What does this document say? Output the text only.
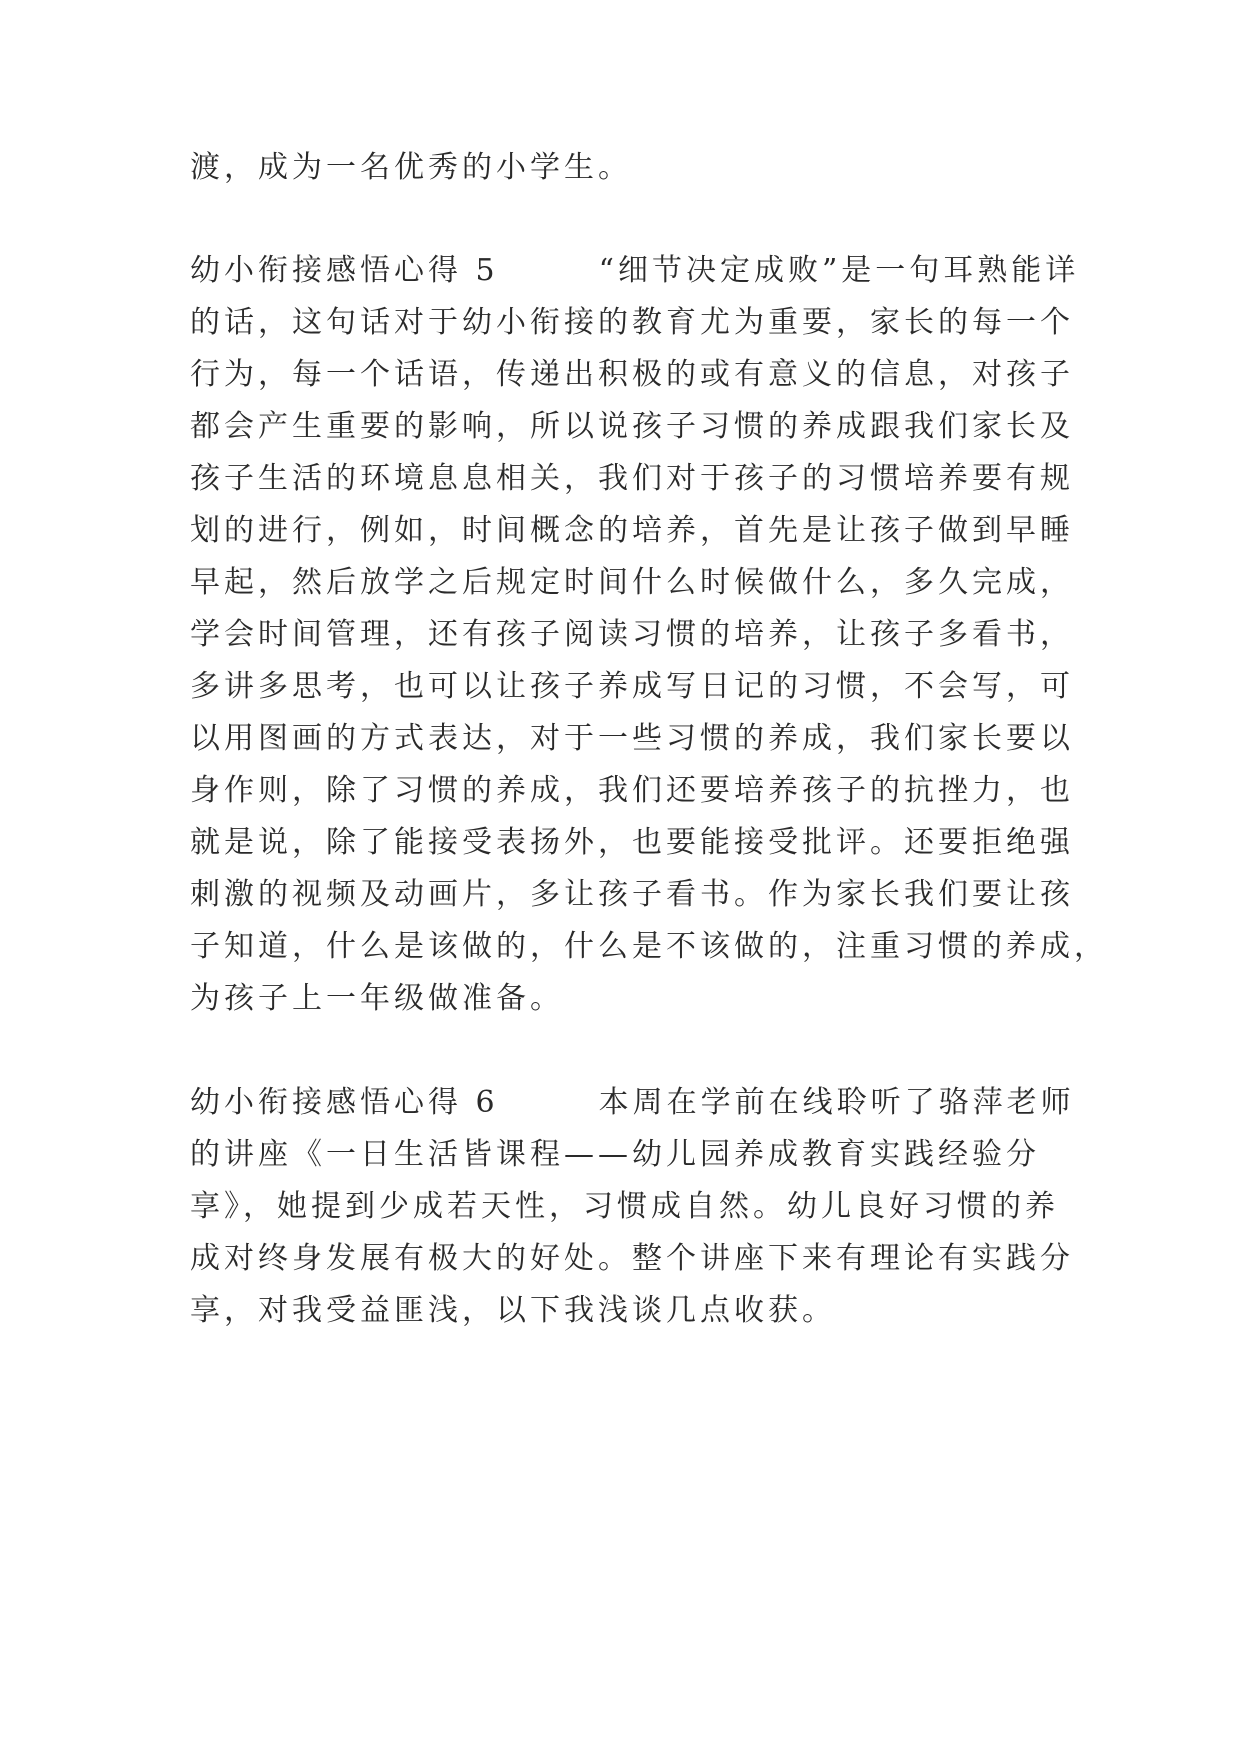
渡，成为一名优秀的小学生。
幼小衔接感悟心得 5	“细节决定成败”是一句耳熟能详
的话，这句话对于幼小衔接的教育尤为重要，家长的每一个
行为，每一个话语，传递出积极的或有意义的信息，对孩子
都会产生重要的影响，所以说孩子习惯的养成跟我们家长及
孩子生活的环境息息相关，我们对于孩子的习惯培养要有规
划的进行，例如，时间概念的培养，首先是让孩子做到早睡
早起，然后放学之后规定时间什么时候做什么，多久完成，
学会时间管理，还有孩子阅读习惯的培养，让孩子多看书，
多讲多思考，也可以让孩子养成写日记的习惯，不会写，可
以用图画的方式表达，对于一些习惯的养成，我们家长要以
身作则，除了习惯的养成，我们还要培养孩子的抗挫力，也
就是说，除了能接受表扬外，也要能接受批评。还要拒绝强
刺激的视频及动画片，多让孩子看书。作为家长我们要让孩
子知道，什么是该做的，什么是不该做的，注重习惯的养成，
为孩子上一年级做准备。
幼小衔接感悟心得 6	本周在学前在线聆听了骆萍老师
的讲座《一日生活皆课程——幼儿园养成教育实践经验分
享》，她提到少成若天性，习惯成自然。幼儿良好习惯的养
成对终身发展有极大的好处。整个讲座下来有理论有实践分
享，对我受益匪浅，以下我浅谈几点收获。
